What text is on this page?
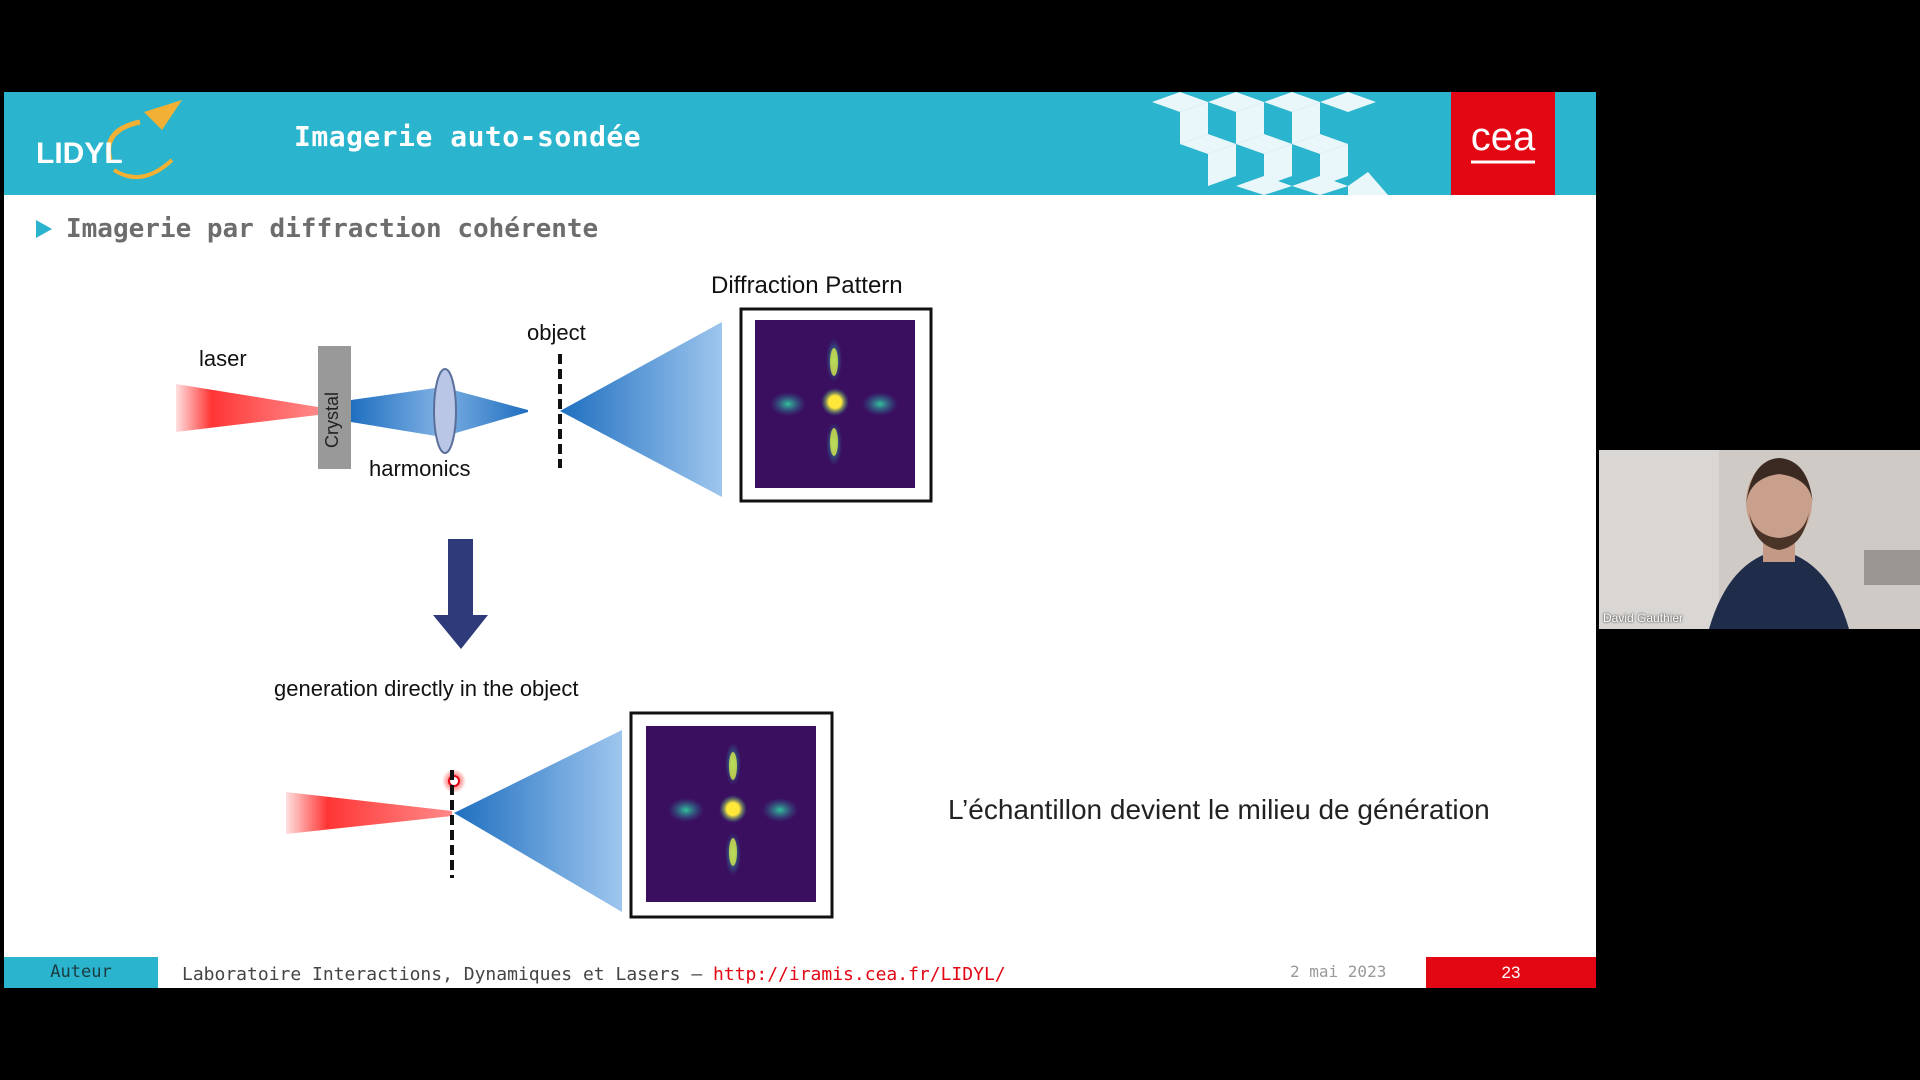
LIDYL
Imagerie auto-sondée	cea
Imagerie par diffraction cohérente
Diffraction Pattern
object
laser
Crystal
harmonics
generation directly in the object
L’échantillon devient le milieu de génération
Auteur	Laboratoire Interactions, Dynamiques et Lasers – http://iramis.cea.fr/LIDYL/	2 mai 2023	23
David Gauthier
